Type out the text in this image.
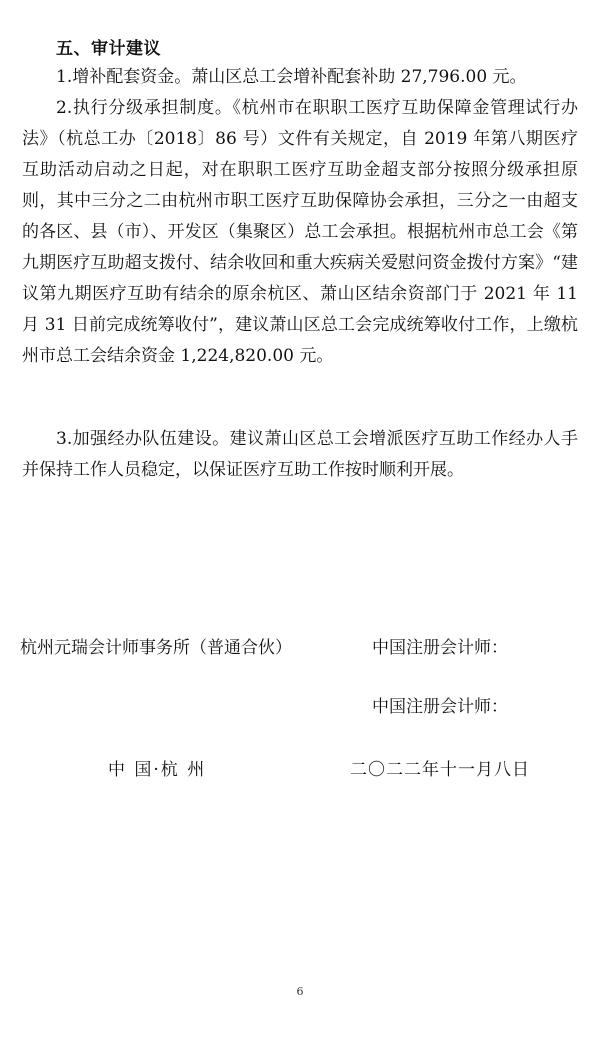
五、审计建议

1.增补配套资金。萧山区总工会增补配套补助 27,796.00 元。

2.执行分级承担制度。《杭州市在职职工医疗互助保障金管理试行办法》（杭总工办〔2018〕86 号）文件有关规定，自 2019 年第八期医疗互助活动启动之日起，对在职职工医疗互助金超支部分按照分级承担原则，其中三分之二由杭州市职工医疗互助保障协会承担，三分之一由超支的各区、县（市）、开发区（集聚区）总工会承担。根据杭州市总工会《第九期医疗互助超支拨付、结余收回和重大疾病关爱慰问资金拨付方案》“建议第九期医疗互助有结余的原余杭区、萧山区结余资部门于 2021 年 11 月 31 日前完成统筹收付”，建议萧山区总工会完成统筹收付工作，上缴杭州市总工会结余资金 1,224,820.00 元。

3.加强经办队伍建设。建议萧山区总工会增派医疗互助工作经办人手并保持工作人员稳定，以保证医疗互助工作按时顺利开展。

杭州元瑞会计师事务所（普通合伙）	中国注册会计师：
中国注册会计师：
中 国·杭 州	二〇二二年十一月八日
6
